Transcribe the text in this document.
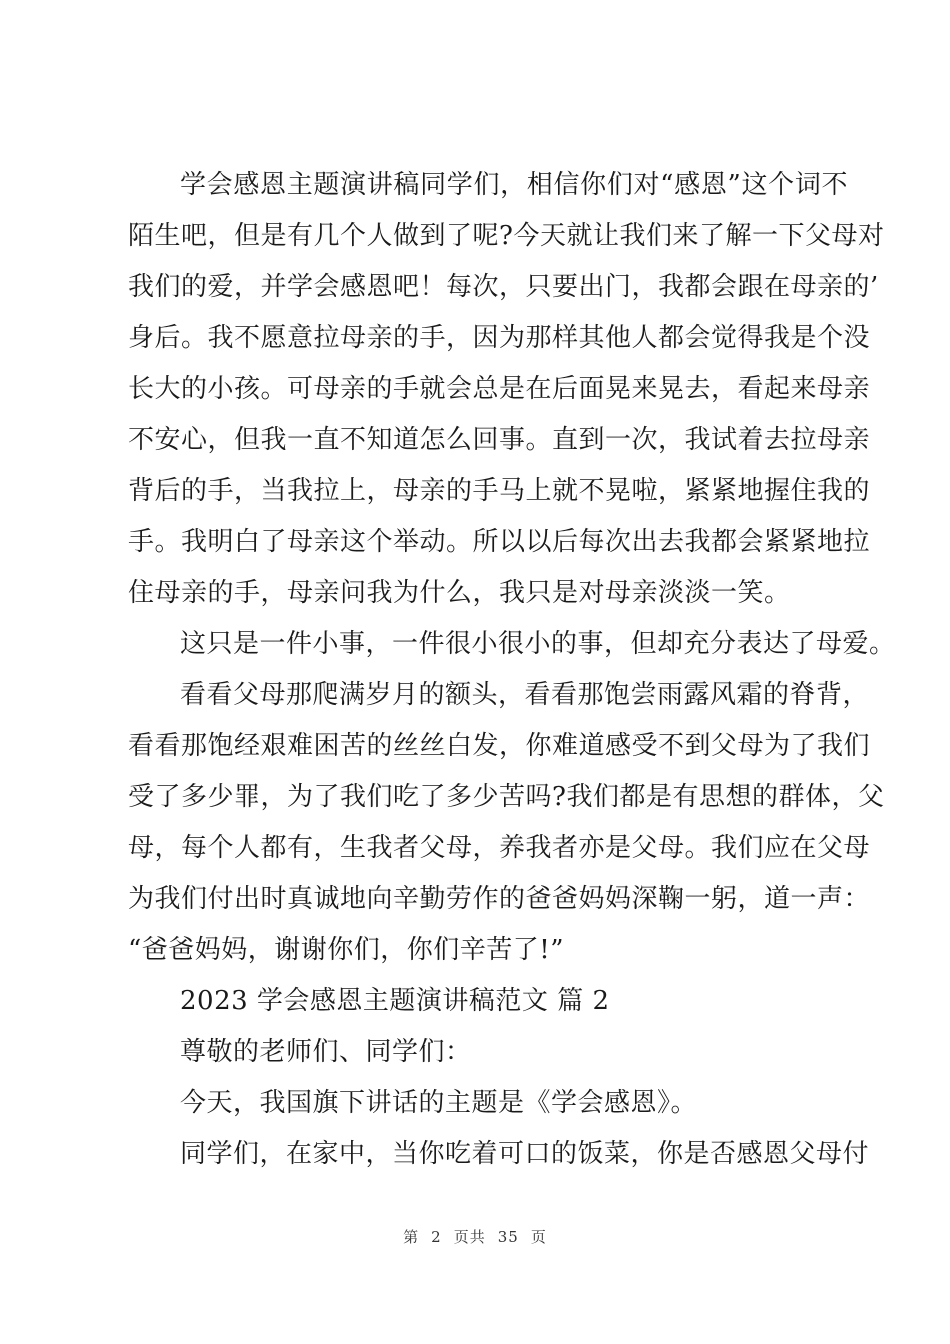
学会感恩主题演讲稿同学们，相信你们对“感恩”这个词不
陌生吧，但是有几个人做到了呢?今天就让我们来了解一下父母对
我们的爱，并学会感恩吧！每次，只要出门，我都会跟在母亲的’
身后。我不愿意拉母亲的手，因为那样其他人都会觉得我是个没
长大的小孩。可母亲的手就会总是在后面晃来晃去，看起来母亲
不安心，但我一直不知道怎么回事。直到一次，我试着去拉母亲
背后的手，当我拉上，母亲的手马上就不晃啦，紧紧地握住我的
手。我明白了母亲这个举动。所以以后每次出去我都会紧紧地拉
住母亲的手，母亲问我为什么，我只是对母亲淡淡一笑。
这只是一件小事，一件很小很小的事，但却充分表达了母爱。
看看父母那爬满岁月的额头，看看那饱尝雨露风霜的脊背，
看看那饱经艰难困苦的丝丝白发，你难道感受不到父母为了我们
受了多少罪，为了我们吃了多少苦吗?我们都是有思想的群体，父
母，每个人都有，生我者父母，养我者亦是父母。我们应在父母
为我们付出时真诚地向辛勤劳作的爸爸妈妈深鞠一躬，道一声：
“爸爸妈妈，谢谢你们，你们辛苦了!”
2023 学会感恩主题演讲稿范文 篇 2
尊敬的老师们、同学们：
今天，我国旗下讲话的主题是《学会感恩》。
同学们，在家中，当你吃着可口的饭菜，你是否感恩父母付
第 2 页共 35 页
